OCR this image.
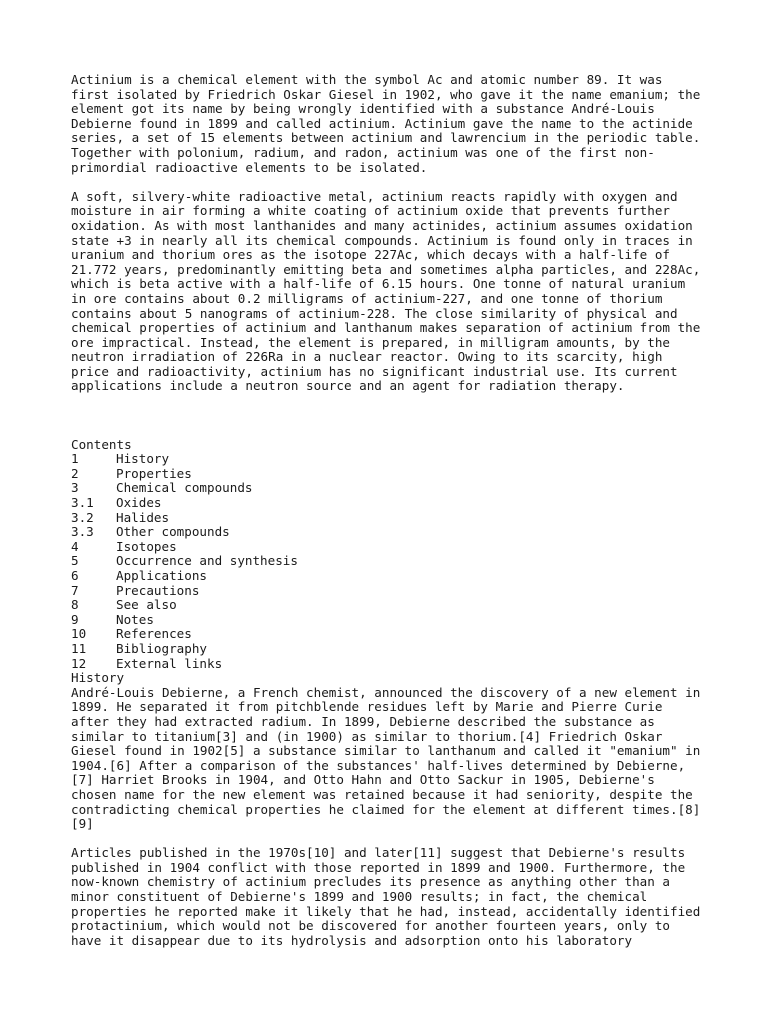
Actinium is a chemical element with the symbol Ac and atomic number 89. It was
first isolated by Friedrich Oskar Giesel in 1902, who gave it the name emanium; the
element got its name by being wrongly identified with a substance André-Louis
Debierne found in 1899 and called actinium. Actinium gave the name to the actinide
series, a set of 15 elements between actinium and lawrencium in the periodic table.
Together with polonium, radium, and radon, actinium was one of the first non-
primordial radioactive elements to be isolated.
A soft, silvery-white radioactive metal, actinium reacts rapidly with oxygen and
moisture in air forming a white coating of actinium oxide that prevents further
oxidation. As with most lanthanides and many actinides, actinium assumes oxidation
state +3 in nearly all its chemical compounds. Actinium is found only in traces in
uranium and thorium ores as the isotope 227Ac, which decays with a half-life of
21.772 years, predominantly emitting beta and sometimes alpha particles, and 228Ac,
which is beta active with a half-life of 6.15 hours. One tonne of natural uranium
in ore contains about 0.2 milligrams of actinium-227, and one tonne of thorium
contains about 5 nanograms of actinium-228. The close similarity of physical and
chemical properties of actinium and lanthanum makes separation of actinium from the
ore impractical. Instead, the element is prepared, in milligram amounts, by the
neutron irradiation of 226Ra in a nuclear reactor. Owing to its scarcity, high
price and radioactivity, actinium has no significant industrial use. Its current
applications include a neutron source and an agent for radiation therapy.
Contents
1	History
2	Properties
3	Chemical compounds
3.1	Oxides
3.2	Halides
3.3	Other compounds
4	Isotopes
5	Occurrence and synthesis
6	Applications
7	Precautions
8	See also
9	Notes
10	References
11	Bibliography
12	External links
History
André-Louis Debierne, a French chemist, announced the discovery of a new element in
1899. He separated it from pitchblende residues left by Marie and Pierre Curie
after they had extracted radium. In 1899, Debierne described the substance as
similar to titanium[3] and (in 1900) as similar to thorium.[4] Friedrich Oskar
Giesel found in 1902[5] a substance similar to lanthanum and called it "emanium" in
1904.[6] After a comparison of the substances' half-lives determined by Debierne,
[7] Harriet Brooks in 1904, and Otto Hahn and Otto Sackur in 1905, Debierne's
chosen name for the new element was retained because it had seniority, despite the
contradicting chemical properties he claimed for the element at different times.[8]
[9]
Articles published in the 1970s[10] and later[11] suggest that Debierne's results
published in 1904 conflict with those reported in 1899 and 1900. Furthermore, the
now-known chemistry of actinium precludes its presence as anything other than a
minor constituent of Debierne's 1899 and 1900 results; in fact, the chemical
properties he reported make it likely that he had, instead, accidentally identified
protactinium, which would not be discovered for another fourteen years, only to
have it disappear due to its hydrolysis and adsorption onto his laboratory
